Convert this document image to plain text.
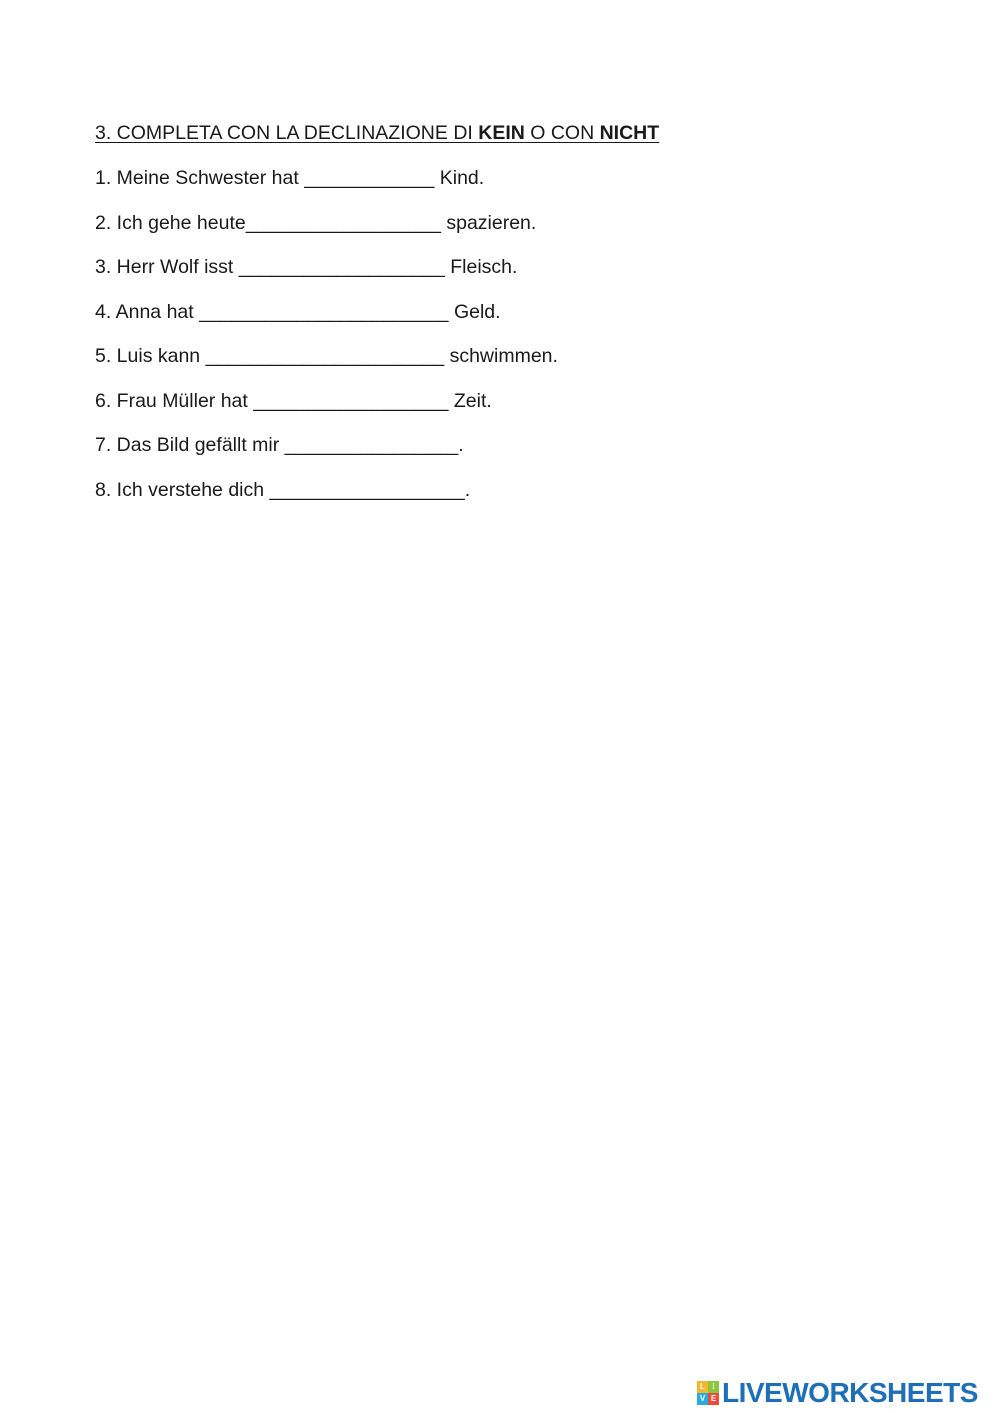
3. COMPLETA CON LA DECLINAZIONE DI KEIN O CON NICHT
1. Meine Schwester hat ____________ Kind.
2. Ich gehe heute__________________ spazieren.
3. Herr Wolf isst ___________________ Fleisch.
4. Anna hat _______________________ Geld.
5. Luis kann ______________________ schwimmen.
6. Frau Müller hat __________________ Zeit.
7. Das Bild gefällt mir ________________.
8. Ich verstehe dich __________________.
L i
V E LIVEWORKSHEETS
